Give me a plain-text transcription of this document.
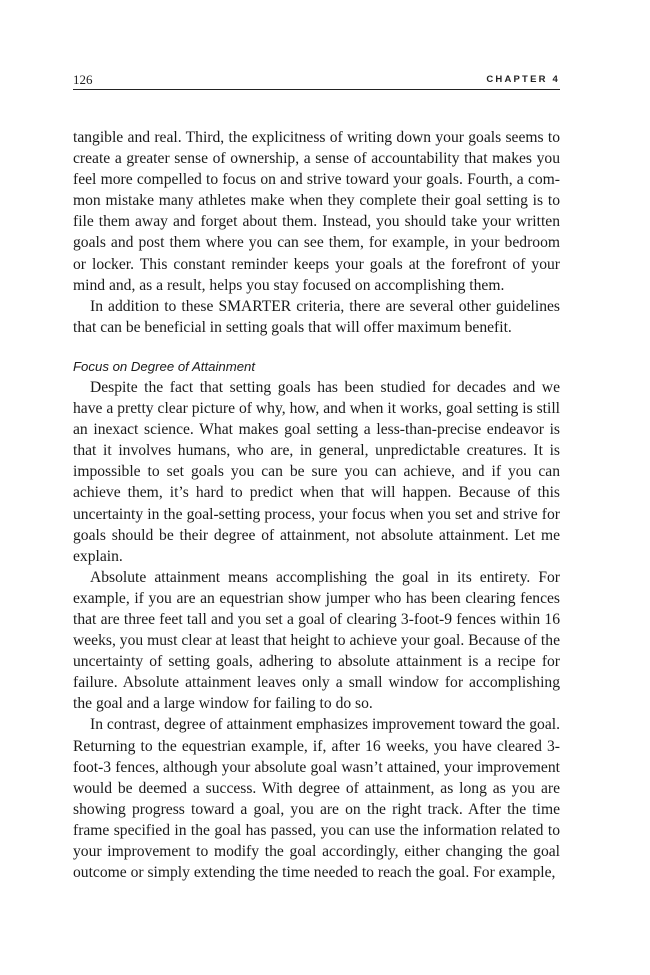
126	CHAPTER 4

tangible and real. Third, the explicitness of writing down your goals seems to create a greater sense of ownership, a sense of accountability that makes you feel more compelled to focus on and strive toward your goals. Fourth, a common mistake many athletes make when they complete their goal setting is to file them away and forget about them. Instead, you should take your written goals and post them where you can see them, for example, in your bedroom or locker. This constant reminder keeps your goals at the forefront of your mind and, as a result, helps you stay focused on accomplishing them.

In addition to these SMARTER criteria, there are several other guidelines that can be beneficial in setting goals that will offer maximum benefit.

Focus on Degree of Attainment

Despite the fact that setting goals has been studied for decades and we have a pretty clear picture of why, how, and when it works, goal setting is still an inexact science. What makes goal setting a less-than-precise endeavor is that it involves humans, who are, in general, unpredictable creatures. It is impossible to set goals you can be sure you can achieve, and if you can achieve them, it’s hard to predict when that will happen. Because of this uncertainty in the goal-setting process, your focus when you set and strive for goals should be their degree of attainment, not absolute attainment. Let me explain.

Absolute attainment means accomplishing the goal in its entirety. For example, if you are an equestrian show jumper who has been clearing fences that are three feet tall and you set a goal of clearing 3-foot-9 fences within 16 weeks, you must clear at least that height to achieve your goal. Because of the uncertainty of setting goals, adhering to absolute attainment is a recipe for failure. Absolute attainment leaves only a small window for accomplishing the goal and a large window for failing to do so.

In contrast, degree of attainment emphasizes improvement toward the goal. Returning to the equestrian example, if, after 16 weeks, you have cleared 3-foot-3 fences, although your absolute goal wasn’t attained, your improvement would be deemed a success. With degree of attainment, as long as you are showing progress toward a goal, you are on the right track. After the time frame specified in the goal has passed, you can use the information related to your improvement to modify the goal accordingly, either changing the goal outcome or simply extending the time needed to reach the goal. For example,
